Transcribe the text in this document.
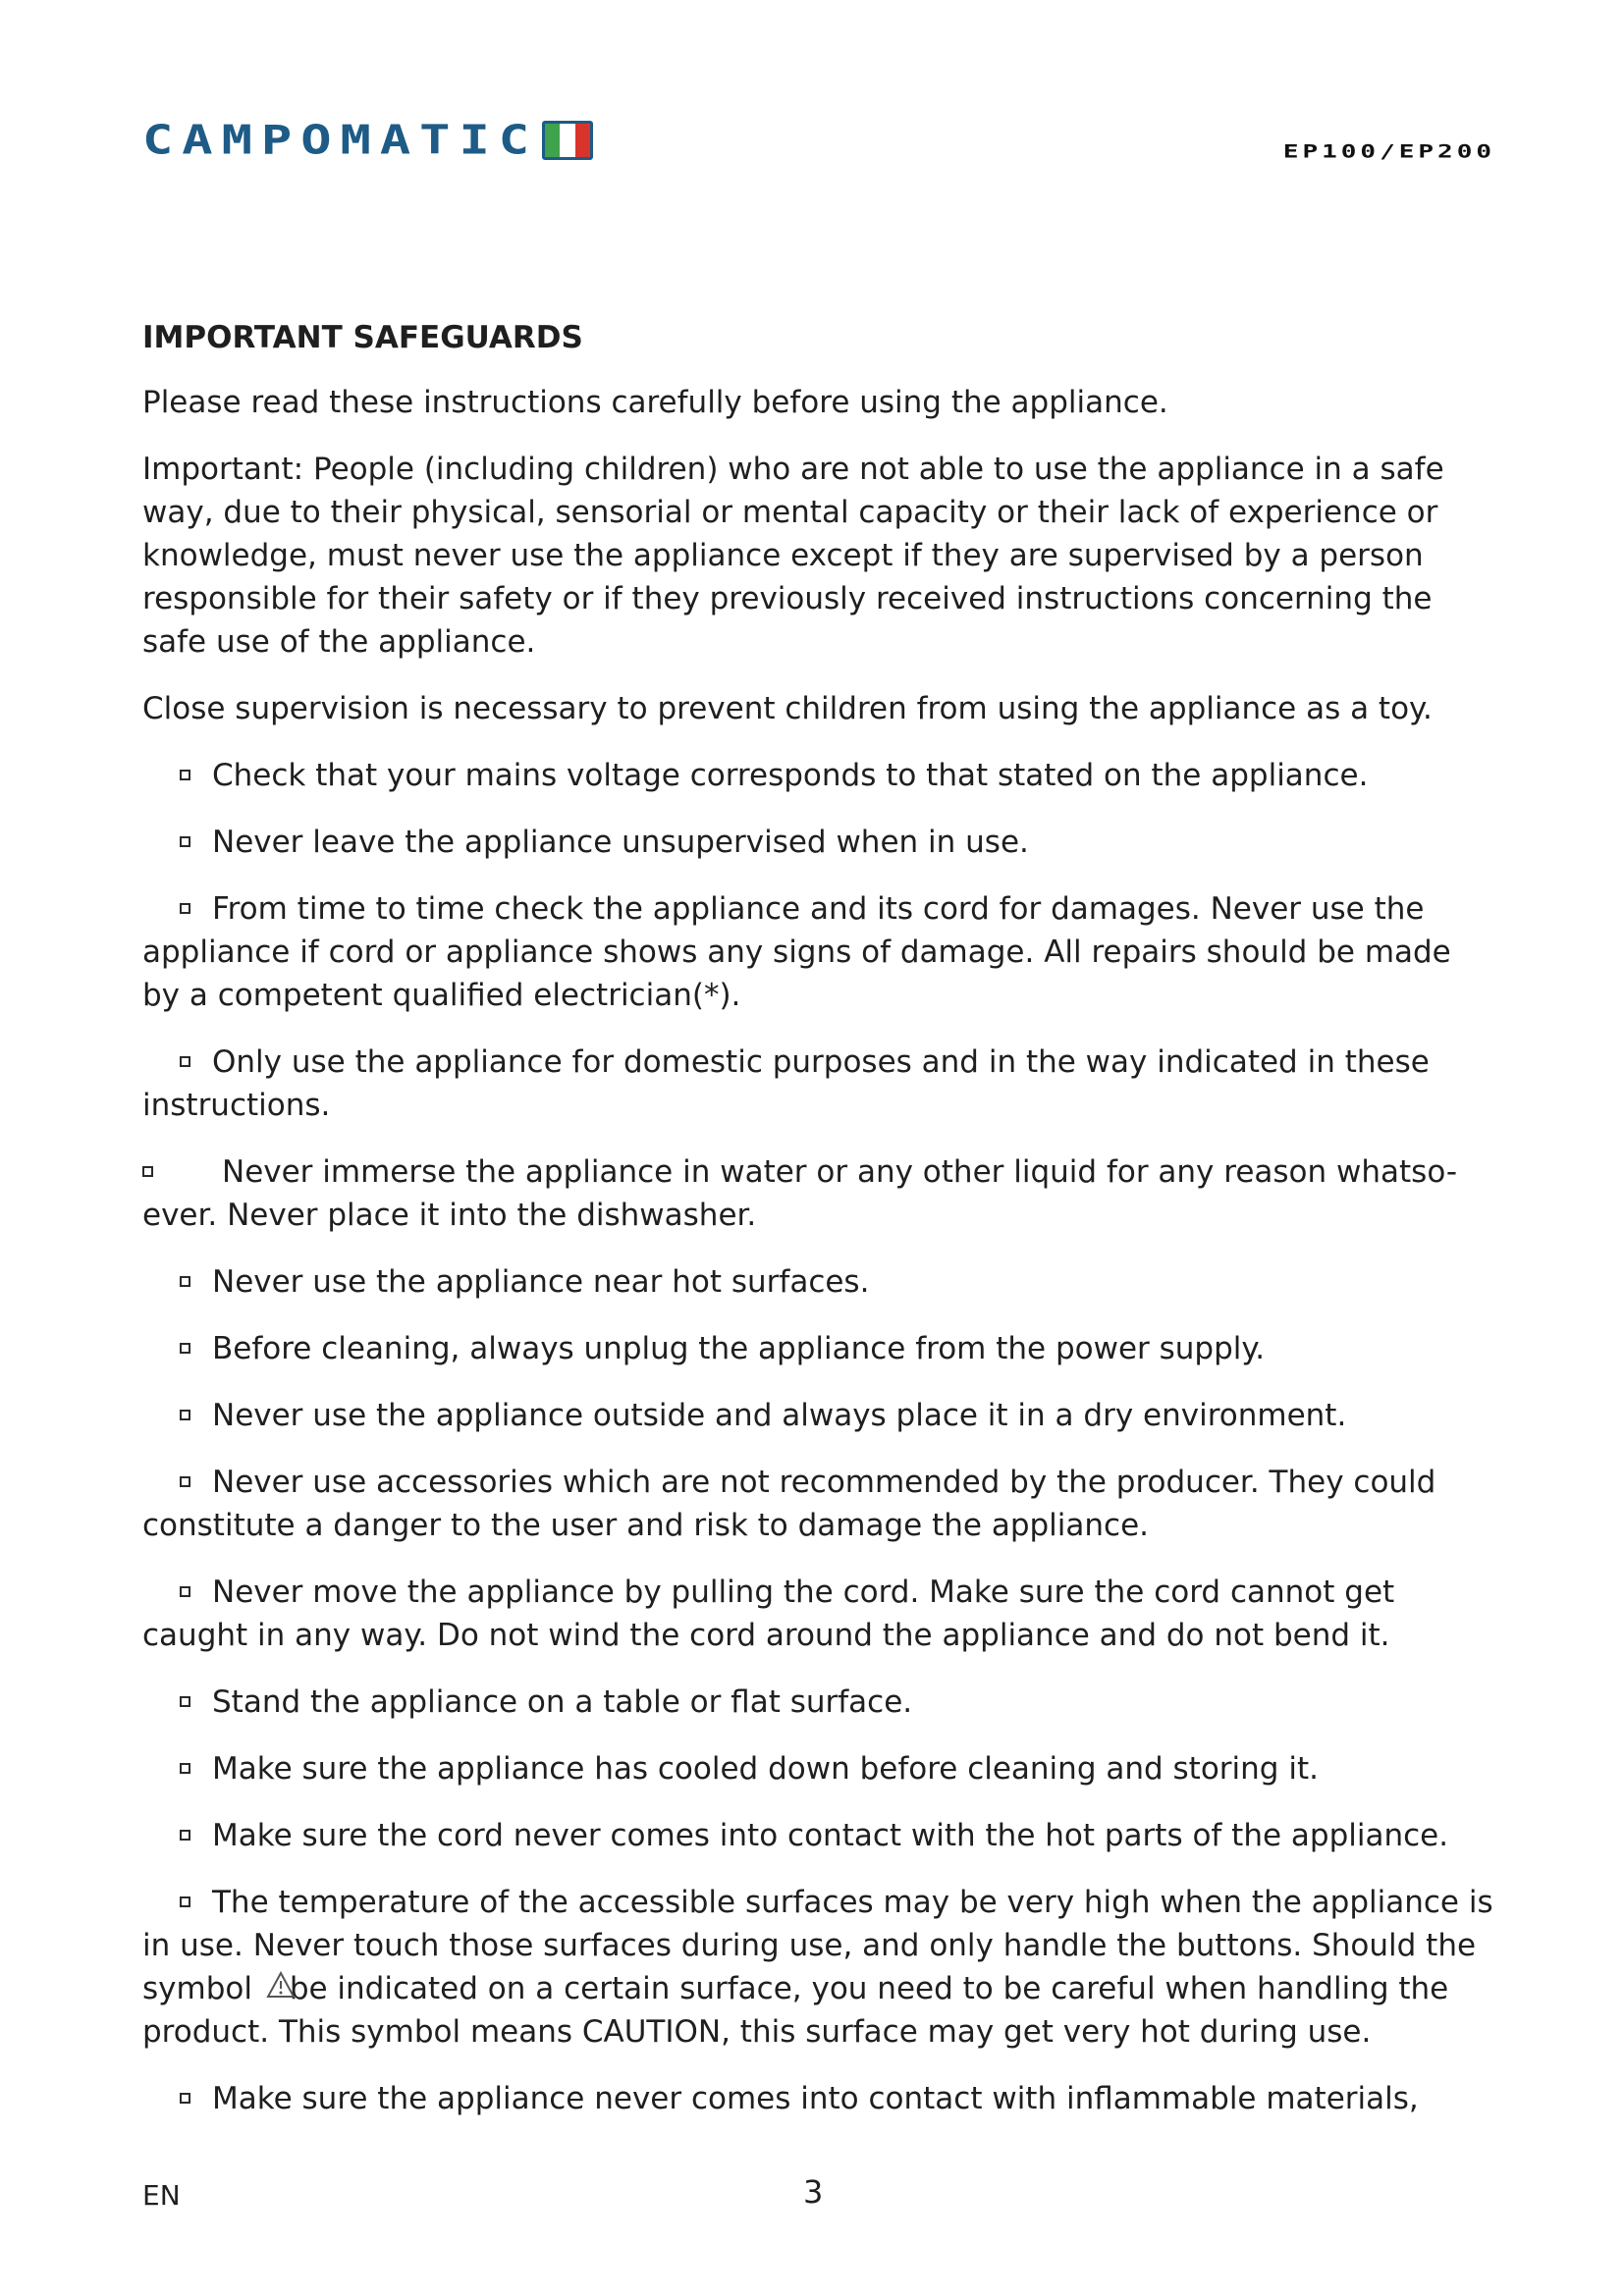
CAMPOMATIC	EP100/EP200
IMPORTANT SAFEGUARDS
Please read these instructions carefully before using the appliance.
Important: People (including children) who are not able to use the appliance in a safe way, due to their physical, sensorial or mental capacity or their lack of experience or knowledge, must never use the appliance except if they are supervised by a person responsible for their safety or if they previously received instructions concerning the safe use of the appliance.
Close supervision is necessary to prevent children from using the appliance as a toy.
Check that your mains voltage corresponds to that stated on the appliance.
Never leave the appliance unsupervised when in use.
From time to time check the appliance and its cord for damages. Never use the appliance if cord or appliance shows any signs of damage. All repairs should be made by a competent qualified electrician(*).
Only use the appliance for domestic purposes and in the way indicated in these instructions.
Never immerse the appliance in water or any other liquid for any reason whatso-ever. Never place it into the dishwasher.
Never use the appliance near hot surfaces.
Before cleaning, always unplug the appliance from the power supply.
Never use the appliance outside and always place it in a dry environment.
Never use accessories which are not recommended by the producer. They could constitute a danger to the user and risk to damage the appliance.
Never move the appliance by pulling the cord. Make sure the cord cannot get caught in any way. Do not wind the cord around the appliance and do not bend it.
Stand the appliance on a table or flat surface.
Make sure the appliance has cooled down before cleaning and storing it.
Make sure the cord never comes into contact with the hot parts of the appliance.
The temperature of the accessible surfaces may be very high when the appliance is in use. Never touch those surfaces during use, and only handle the buttons. Should the symbol be indicated on a certain surface, you need to be careful when handling the product. This symbol means CAUTION, this surface may get very hot during use.
Make sure the appliance never comes into contact with inflammable materials,
EN	3
